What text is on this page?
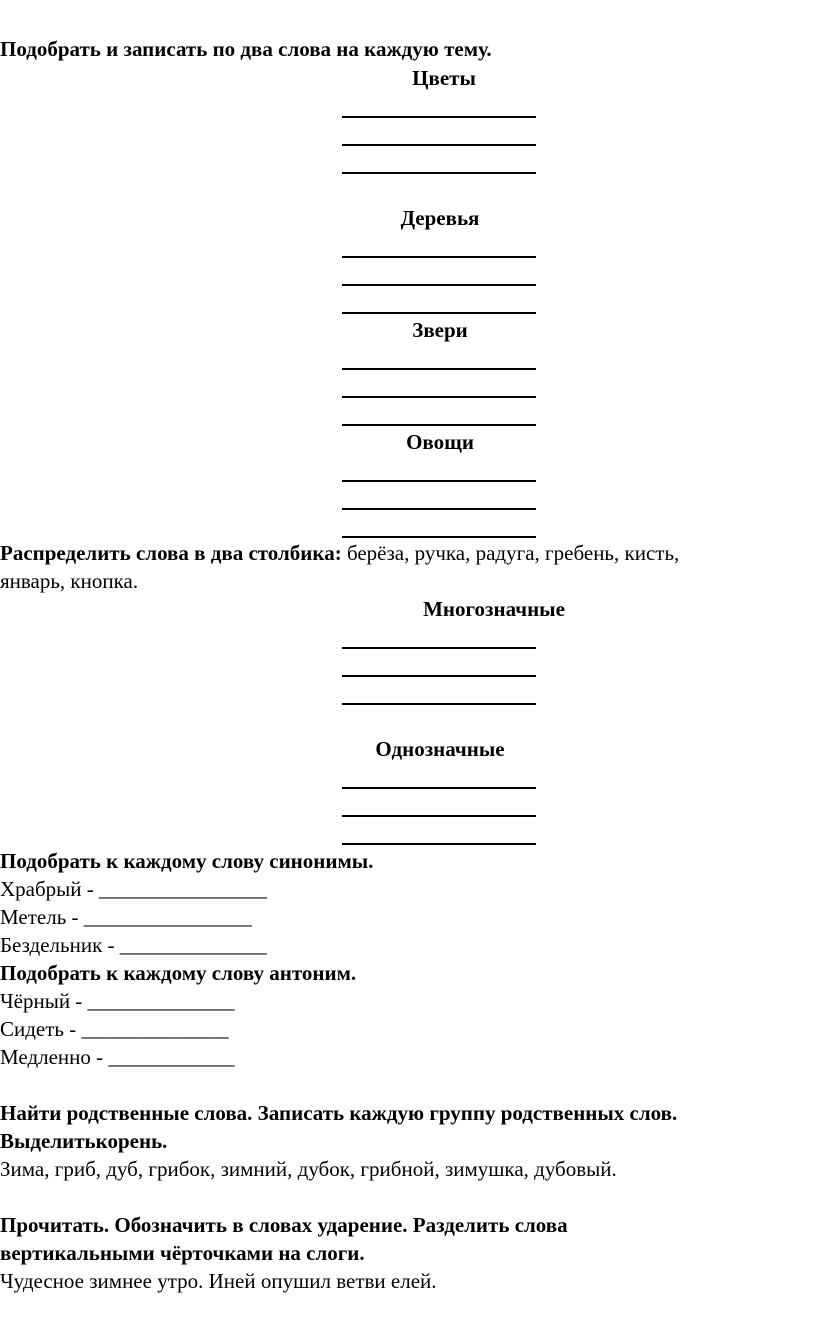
Подобрать и записать по два слова на каждую тему.
Цветы
Деревья
Звери
Овощи
Распределить слова в два столбика: берёза, ручка, радуга, гребень, кисть,
январь, кнопка.
Многозначные
Однозначные
Подобрать к каждому слову синонимы.
Храбрый - ________________
Метель - ________________
Бездельник - ______________
Подобрать к каждому слову антоним.
Чёрный - ______________
Сидеть - ______________
Медленно - ____________
Найти родственные слова. Записать каждую группу родственных слов.
Выделитькорень.
Зима, гриб, дуб, грибок, зимний, дубок, грибной, зимушка, дубовый.
Прочитать. Обозначить в словах ударение. Разделить слова
вертикальными чёрточками на слоги.
Чудесное зимнее утро. Иней опушил ветви елей.
